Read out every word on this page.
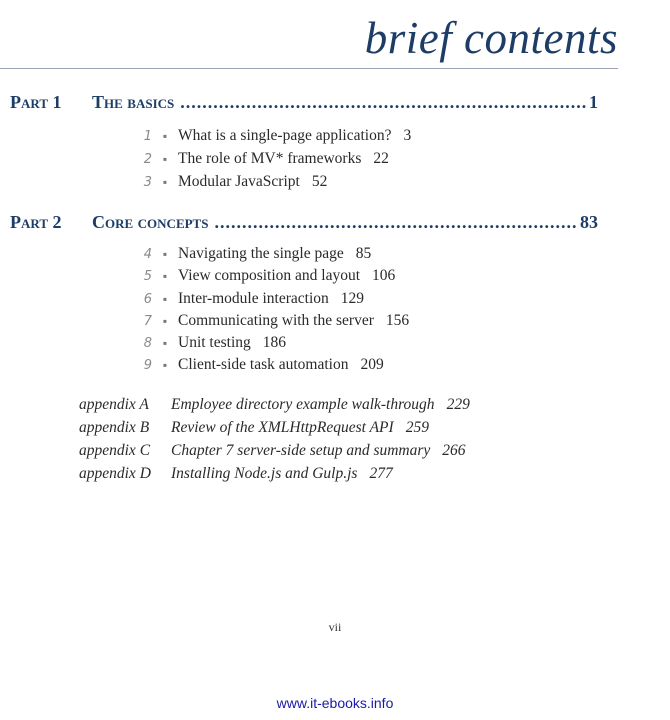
brief contents
Part 1	The basics .....	1
1 ▪ What is a single-page application? 3
2 ▪ The role of MV* frameworks 22
3 ▪ Modular JavaScript 52
Part 2	Core concepts .....	83
4 ▪ Navigating the single page 85
5 ▪ View composition and layout 106
6 ▪ Inter-module interaction 129
7 ▪ Communicating with the server 156
8 ▪ Unit testing 186
9 ▪ Client-side task automation 209
appendix A	Employee directory example walk-through 229
appendix B	Review of the XMLHttpRequest API 259
appendix C	Chapter 7 server-side setup and summary 266
appendix D	Installing Node.js and Gulp.js 277
vii
www.it-ebooks.info
